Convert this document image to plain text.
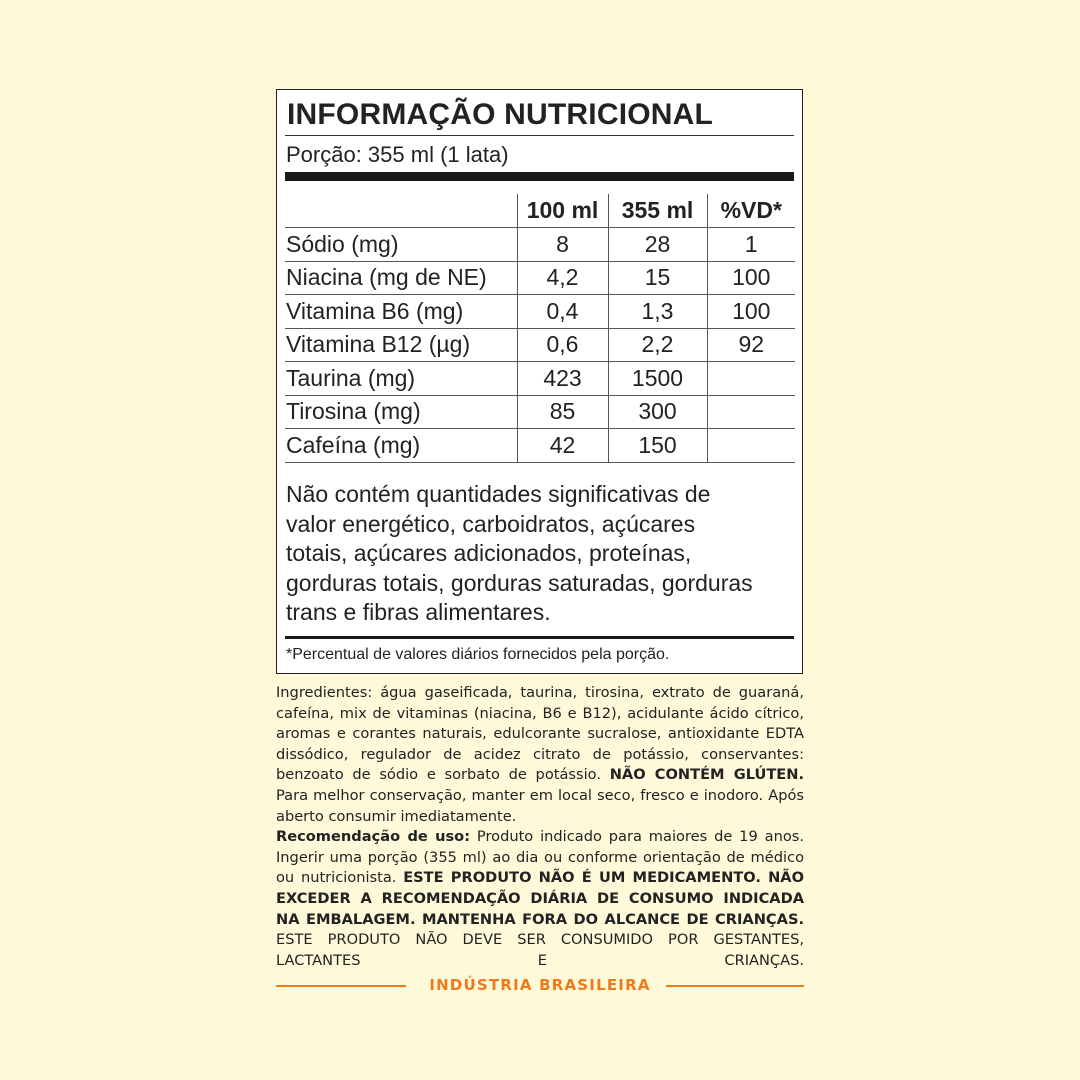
INFORMAÇÃO NUTRICIONAL
Porção: 355 ml (1 lata)
	100 ml	355 ml	%VD*
Sódio (mg)	8	28	1
Niacina (mg de NE)	4,2	15	100
Vitamina B6 (mg)	0,4	1,3	100
Vitamina B12 (µg)	0,6	2,2	92
Taurina (mg)	423	1500	
Tirosina (mg)	85	300	
Cafeína (mg)	42	150	
Não contém quantidades significativas de
valor energético, carboidratos, açúcares
totais, açúcares adicionados, proteínas,
gorduras totais, gorduras saturadas, gorduras
trans e fibras alimentares.
*Percentual de valores diários fornecidos pela porção.

Ingredientes: água gaseificada, taurina, tirosina, extrato de guaraná, cafeína, mix de vitaminas (niacina, B6 e B12), acidulante ácido cítrico, aromas e corantes naturais, edulcorante sucralose, antioxidante EDTA dissódico, regulador de acidez citrato de potássio, conservantes: benzoato de sódio e sorbato de potássio. NÃO CONTÉM GLÚTEN. Para melhor conservação, manter em local seco, fresco e inodoro. Após aberto consumir imediatamente.

Recomendação de uso: Produto indicado para maiores de 19 anos. Ingerir uma porção (355 ml) ao dia ou conforme orientação de médico ou nutricionista. ESTE PRODUTO NÃO É UM MEDICAMENTO. NÃO EXCEDER A RECOMENDAÇÃO DIÁRIA DE CONSUMO INDICADA NA EMBALAGEM. MANTENHA FORA DO ALCANCE DE CRIANÇAS. ESTE PRODUTO NÃO DEVE SER CONSUMIDO POR GESTANTES, LACTANTES E CRIANÇAS.

INDÚSTRIA BRASILEIRA
